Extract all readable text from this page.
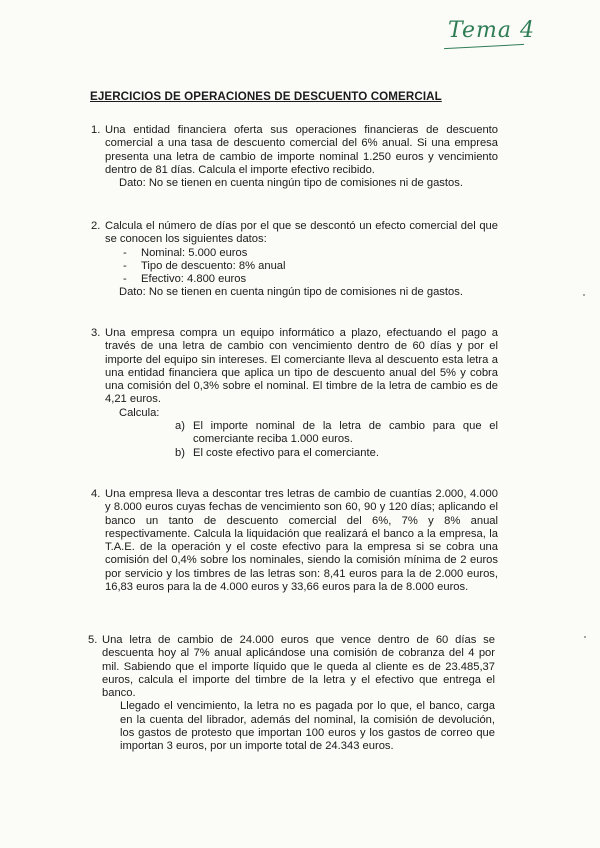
Tema 4
EJERCICIOS DE OPERACIONES DE DESCUENTO COMERCIAL
1. Una entidad financiera oferta sus operaciones financieras de descuento comercial a una tasa de descuento comercial del 6% anual. Si una empresa presenta una letra de cambio de importe nominal 1.250 euros y vencimiento dentro de 81 días. Calcula el importe efectivo recibido.
Dato: No se tienen en cuenta ningún tipo de comisiones ni de gastos.
2. Calcula el número de días por el que se descontó un efecto comercial del que se conocen los siguientes datos:
- Nominal: 5.000 euros
- Tipo de descuento: 8% anual
- Efectivo: 4.800 euros
Dato: No se tienen en cuenta ningún tipo de comisiones ni de gastos.
3. Una empresa compra un equipo informático a plazo, efectuando el pago a través de una letra de cambio con vencimiento dentro de 60 días y por el importe del equipo sin intereses. El comerciante lleva al descuento esta letra a una entidad financiera que aplica un tipo de descuento anual del 5% y cobra una comisión del 0,3% sobre el nominal. El timbre de la letra de cambio es de 4,21 euros.
Calcula:
a) El importe nominal de la letra de cambio para que el comerciante reciba 1.000 euros.
b) El coste efectivo para el comerciante.
4. Una empresa lleva a descontar tres letras de cambio de cuantías 2.000, 4.000 y 8.000 euros cuyas fechas de vencimiento son 60, 90 y 120 días; aplicando el banco un tanto de descuento comercial del 6%, 7% y 8% anual respectivamente. Calcula la liquidación que realizará el banco a la empresa, la T.A.E. de la operación y el coste efectivo para la empresa si se cobra una comisión del 0,4% sobre los nominales, siendo la comisión mínima de 2 euros por servicio y los timbres de las letras son: 8,41 euros para la de 2.000 euros, 16,83 euros para la de 4.000 euros y 33,66 euros para la de 8.000 euros.
5. Una letra de cambio de 24.000 euros que vence dentro de 60 días se descuenta hoy al 7% anual aplicándose una comisión de cobranza del 4 por mil. Sabiendo que el importe líquido que le queda al cliente es de 23.485,37 euros, calcula el importe del timbre de la letra y el efectivo que entrega el banco.
Llegado el vencimiento, la letra no es pagada por lo que, el banco, carga en la cuenta del librador, además del nominal, la comisión de devolución, los gastos de protesto que importan 100 euros y los gastos de correo que importan 3 euros, por un importe total de 24.343 euros.
